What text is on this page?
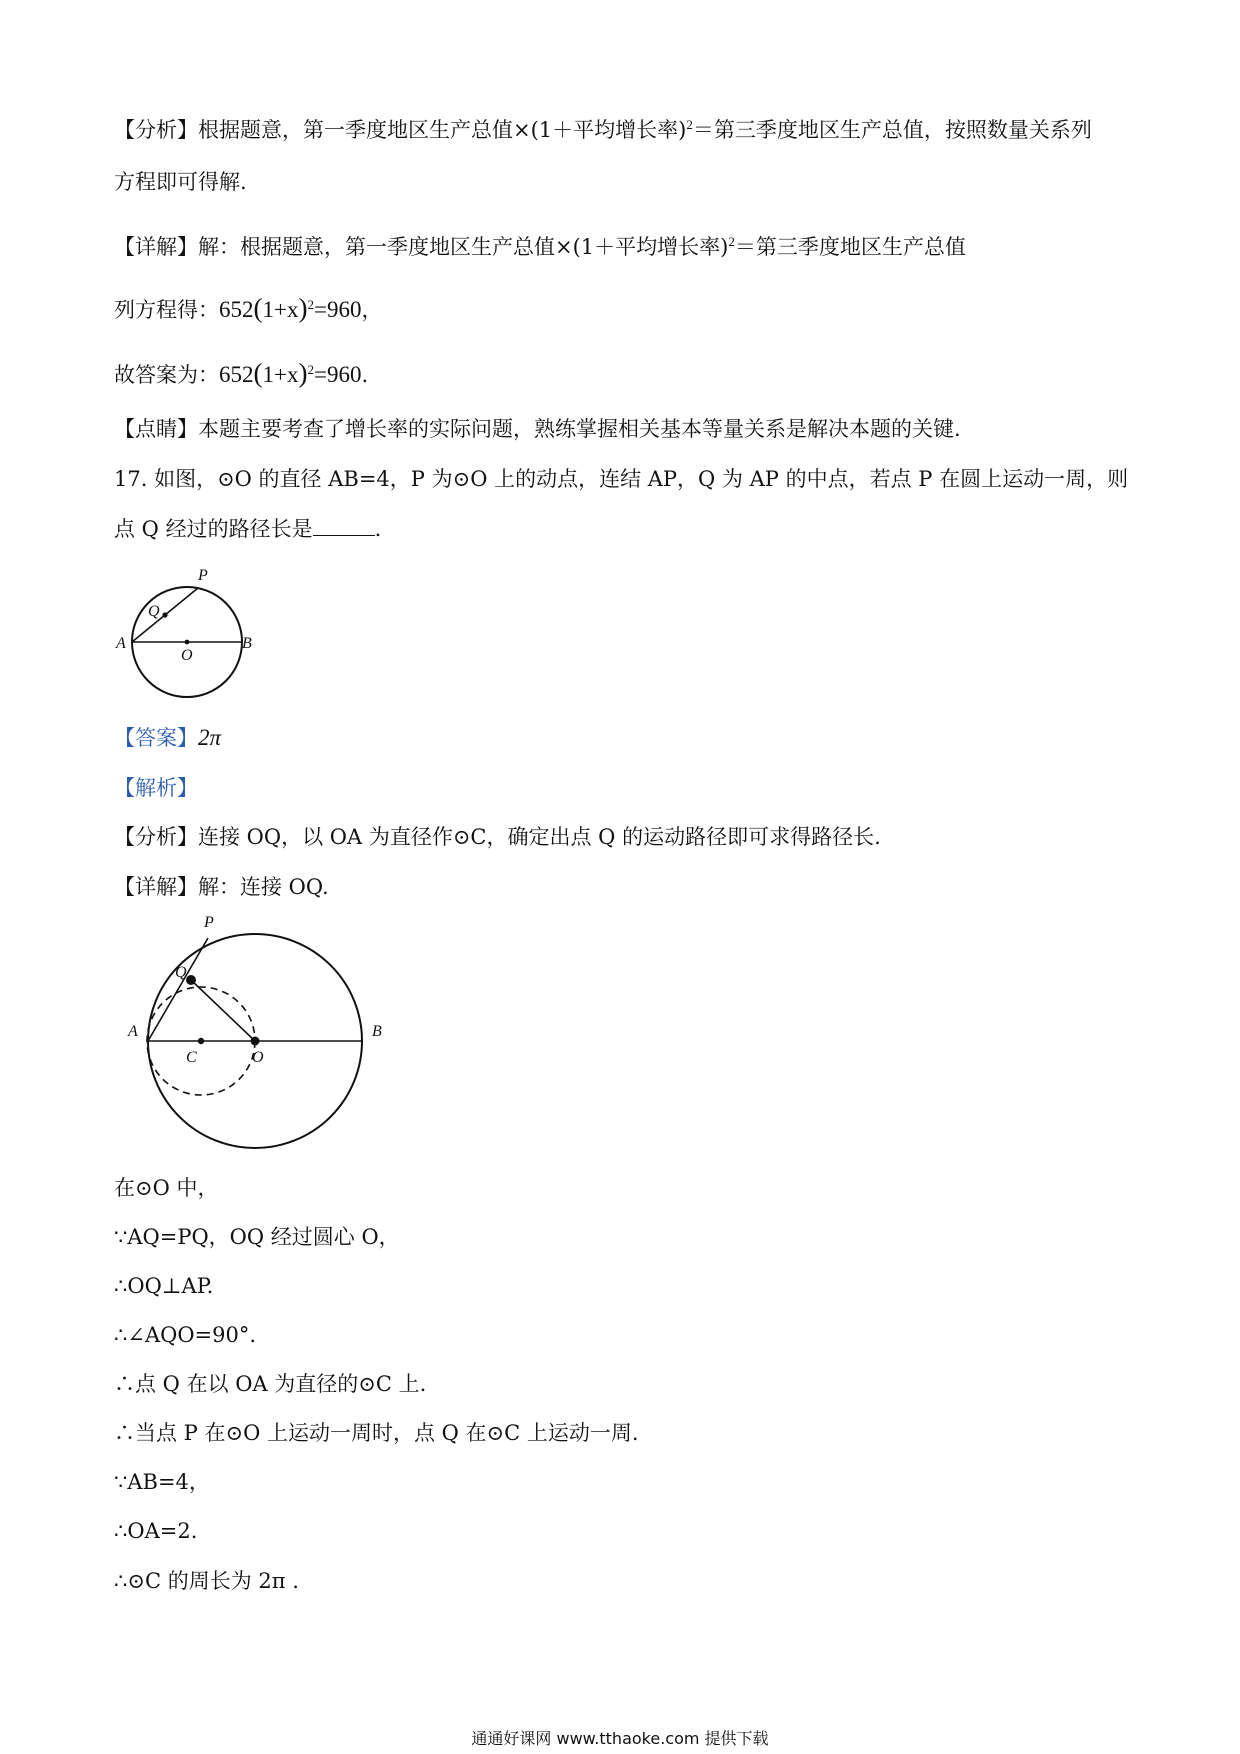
【分析】根据题意，第一季度地区生产总值×(1＋平均增长率)$^2$＝第三季度地区生产总值，按照数量关系列
方程即可得解.
【详解】解：根据题意，第一季度地区生产总值×(1＋平均增长率)$^2$＝第三季度地区生产总值
列方程得：$652(1+x)^2=960$，
故答案为：$652(1+x)^2=960$.
【点睛】本题主要考查了增长率的实际问题，熟练掌握相关基本等量关系是解决本题的关键.
17. 如图，⊙O 的直径 AB=4，P 为⊙O 上的动点，连结 AP，Q 为 AP 的中点，若点 P 在圆上运动一周，则
点 Q 经过的路径长是	.
P
Q
A
O
B
【答案】2π
【解析】
【分析】连接 OQ，以 OA 为直径作⊙C，确定出点 Q 的运动路径即可求得路径长.
【详解】解：连接 OQ.
P
Q
A
C	O
B
在⊙O 中，
∵AQ=PQ，OQ 经过圆心 O，
∴OQ⊥AP.
∴∠AQO=90°.
∴点 Q 在以 OA 为直径的⊙C 上.
∴当点 P 在⊙O 上运动一周时，点 Q 在⊙C 上运动一周.
∵AB=4，
∴OA=2.
∴⊙C 的周长为 2π .
通通好课网 www.tthaoke.com 提供下载
